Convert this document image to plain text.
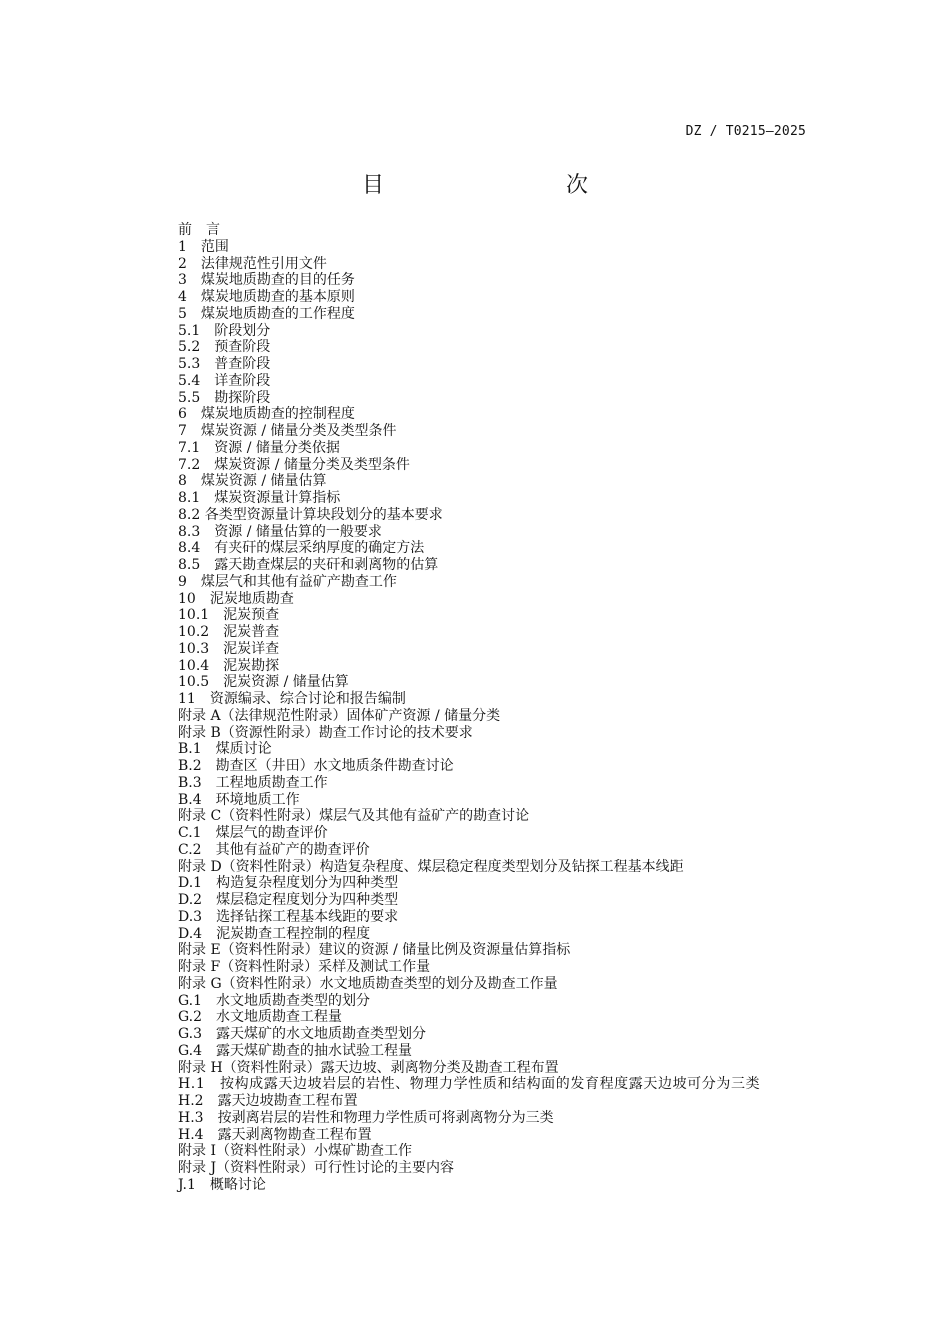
DZ / T0215—2025
目　　次
前　言
1　范围
2　法律规范性引用文件
3　煤炭地质勘查的目的任务
4　煤炭地质勘查的基本原则
5　煤炭地质勘查的工作程度
5.1　阶段划分
5.2　预查阶段
5.3　普查阶段
5.4　详查阶段
5.5　勘探阶段
6　煤炭地质勘查的控制程度
7　煤炭资源 / 储量分类及类型条件
7.1　资源 / 储量分类依据
7.2　煤炭资源 / 储量分类及类型条件
8　煤炭资源 / 储量估算
8.1　煤炭资源量计算指标
8.2 各类型资源量计算块段划分的基本要求
8.3　资源 / 储量估算的一般要求
8.4　有夹矸的煤层采纳厚度的确定方法
8.5　露天勘查煤层的夹矸和剥离物的估算
9　煤层气和其他有益矿产勘查工作
10　泥炭地质勘查
10.1　泥炭预查
10.2　泥炭普查
10.3　泥炭详查
10.4　泥炭勘探
10.5　泥炭资源 / 储量估算
11　资源编录、综合讨论和报告编制
附录 A（法律规范性附录）固体矿产资源 / 储量分类
附录 B（资源性附录）勘查工作讨论的技术要求
B.1　煤质讨论
B.2　勘查区（井田）水文地质条件勘查讨论
B.3　工程地质勘查工作
B.4　环境地质工作
附录 C（资料性附录）煤层气及其他有益矿产的勘查讨论
C.1　煤层气的勘查评价
C.2　其他有益矿产的勘查评价
附录 D（资料性附录）构造复杂程度、煤层稳定程度类型划分及钻探工程基本线距
D.1　构造复杂程度划分为四种类型
D.2　煤层稳定程度划分为四种类型
D.3　选择钻探工程基本线距的要求
D.4　泥炭勘查工程控制的程度
附录 E（资料性附录）建议的资源 / 储量比例及资源量估算指标
附录 F（资料性附录）采样及测试工作量
附录 G（资料性附录）水文地质勘查类型的划分及勘查工作量
G.1　水文地质勘查类型的划分
G.2　水文地质勘查工程量
G.3　露天煤矿的水文地质勘查类型划分
G.4　露天煤矿勘查的抽水试验工程量
附录 H（资料性附录）露天边坡、剥离物分类及勘查工程布置
H.1　按构成露天边坡岩层的岩性、物理力学性质和结构面的发育程度露天边坡可分为三类
H.2　露天边坡勘查工程布置
H.3　按剥离岩层的岩性和物理力学性质可将剥离物分为三类
H.4　露天剥离物勘查工程布置
附录 I（资料性附录）小煤矿勘查工作
附录 J（资料性附录）可行性讨论的主要内容
J.1　概略讨论
